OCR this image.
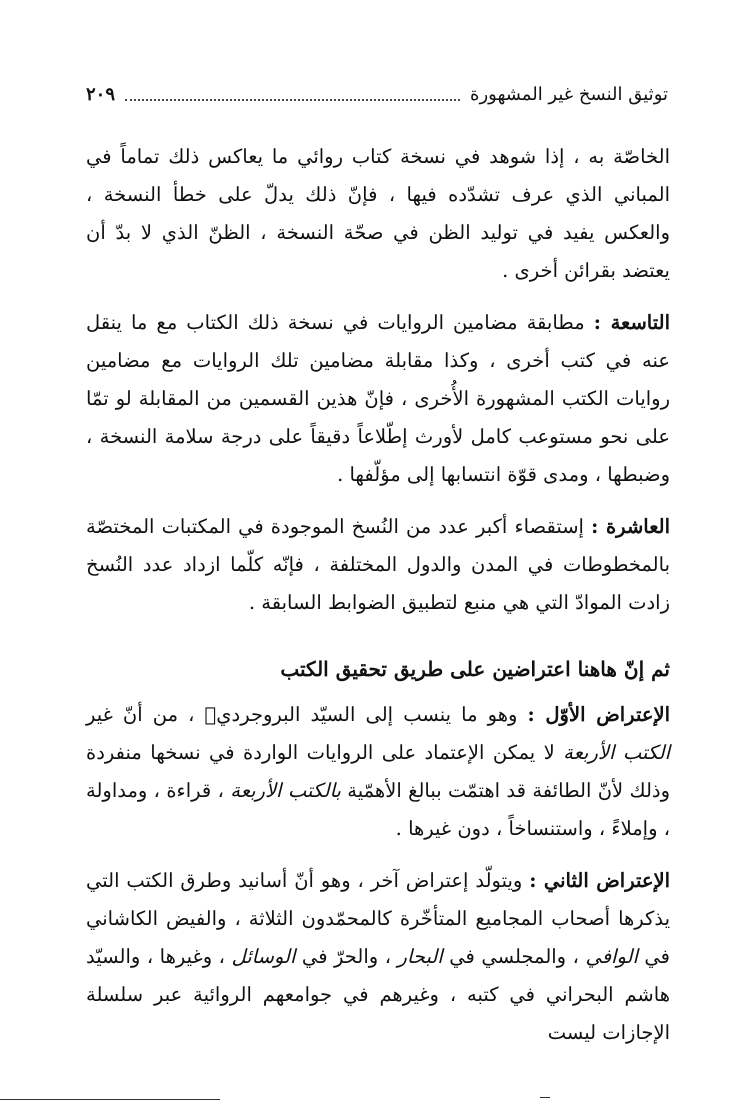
توثيق النسخ غير المشهورة
٢٠٩

الخاصّة به ، إذا شوهد في نسخة كتاب روائي ما يعاكس ذلك تماماً في المباني الذي عرف تشدّده فيها ، فإنّ ذلك يدلّ على خطأ النسخة ، والعكس يفيد في توليد الظن في صحّة النسخة ، الظنّ الذي لا بدّ أن يعتضد بقرائن أخرى .

التاسعة : مطابقة مضامين الروايات في نسخة ذلك الكتاب مع ما ينقل عنه في كتب أخرى ، وكذا مقابلة مضامين تلك الروايات مع مضامين روايات الكتب المشهورة الأُخرى ، فإنّ هذين القسمين من المقابلة لو تمّا على نحو مستوعب كامل لأورث إطّلاعاً دقيقاً على درجة سلامة النسخة ، وضبطها ، ومدى قوّة انتسابها إلى مؤلّفها .

العاشرة : إستقصاء أكبر عدد من النُسخ الموجودة في المكتبات المختصّة بالمخطوطات في المدن والدول المختلفة ، فإنّه كلّما ازداد عدد النُسخ زادت الموادّ التي هي منبع لتطبيق الضوابط السابقة .

ثم إنّ هاهنا اعتراضين على طريق تحقيق الكتب

الإعتراض الأوّل : وهو ما ينسب إلى السيّد البروجردي﷫ ، من أنّ غير الكتب الأربعة لا يمكن الإعتماد على الروايات الواردة في نسخها منفردة وذلك لأنّ الطائفة قد اهتمّت ببالغ الأهمّية بالكتب الأربعة ، قراءة ، ومداولة ، وإملاءً ، واستنساخاً ، دون غيرها .

الإعتراض الثاني : ويتولّد إعتراض آخر ، وهو أنّ أسانيد وطرق الكتب التي يذكرها أصحاب المجاميع المتأخّرة كالمحمّدون الثلاثة ، والفيض الكاشاني في الوافي ، والمجلسي في البحار ، والحرّ في الوسائل ، وغيرها ، والسيّد هاشم البحراني في كتبه ، وغيرهم في جوامعهم الروائية عبر سلسلة الإجازات ليست
